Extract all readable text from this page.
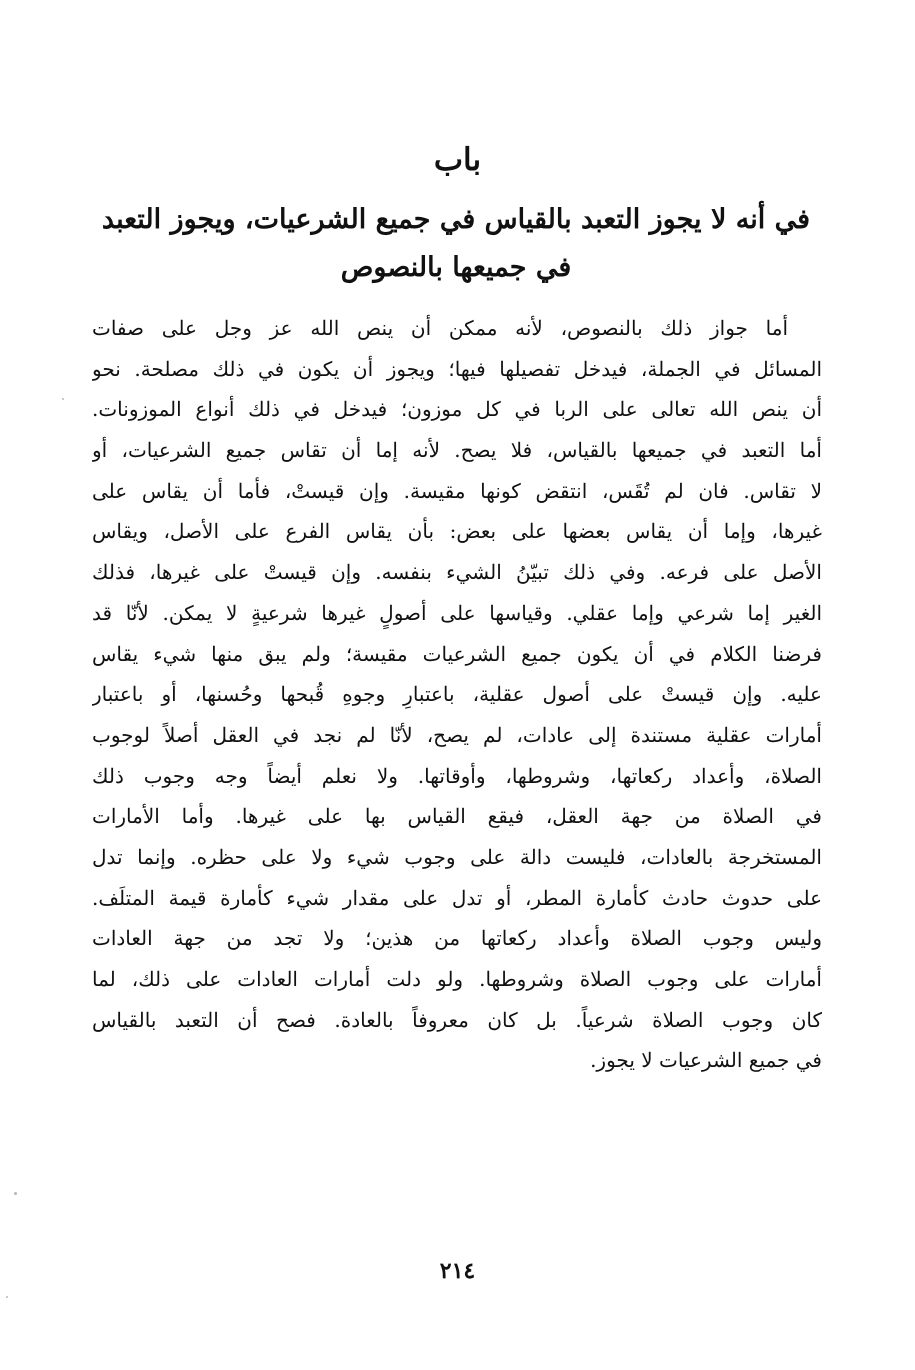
باب
في أنه لا يجوز التعبد بالقياس في جميع الشرعيات، ويجوز التعبد
في جميعها بالنصوص
أما جواز ذلك بالنصوص، لأنه ممكن أن ينص الله عز وجل على صفات
المسائل في الجملة، فيدخل تفصيلها فيها؛ ويجوز أن يكون في ذلك مصلحة. نحو
أن ينص الله تعالى على الربا في كل موزون؛ فيدخل في ذلك أنواع الموزونات.
أما التعبد في جميعها بالقياس، فلا يصح. لأنه إما أن تقاس جميع الشرعيات، أو
لا تقاس. فان لم تُقَس، انتقض كونها مقيسة. وإن قيستْ، فأما أن يقاس على
غيرها، وإما أن يقاس بعضها على بعض: بأن يقاس الفرع على الأصل، ويقاس
الأصل على فرعه. وفي ذلك تبيّنُ الشيء بنفسه. وإن قيستْ على غيرها، فذلك
الغير إما شرعي وإما عقلي. وقياسها على أصولٍ غيرها شرعيةٍ لا يمكن. لأنّا قد
فرضنا الكلام في أن يكون جميع الشرعيات مقيسة؛ ولم يبق منها شيء يقاس
عليه. وإن قيستْ على أصول عقلية، باعتبارِ وجوهِ قُبحها وحُسنها، أو باعتبار
أمارات عقلية مستندة إلى عادات، لم يصح، لأنّا لم نجد في العقل أصلاً لوجوب
الصلاة، وأعداد ركعاتها، وشروطها، وأوقاتها. ولا نعلم أيضاً وجه وجوب ذلك
في الصلاة من جهة العقل، فيقع القياس بها على غيرها. وأما الأمارات
المستخرجة بالعادات، فليست دالة على وجوب شيء ولا على حظره. وإنما تدل
على حدوث حادث كأمارة المطر، أو تدل على مقدار شيء كأمارة قيمة المتلَف.
وليس وجوب الصلاة وأعداد ركعاتها من هذين؛ ولا تجد من جهة العادات
أمارات على وجوب الصلاة وشروطها. ولو دلت أمارات العادات على ذلك، لما
كان وجوب الصلاة شرعياً. بل كان معروفاً بالعادة. فصح أن التعبد بالقياس
في جميع الشرعيات لا يجوز.
٢١٤
